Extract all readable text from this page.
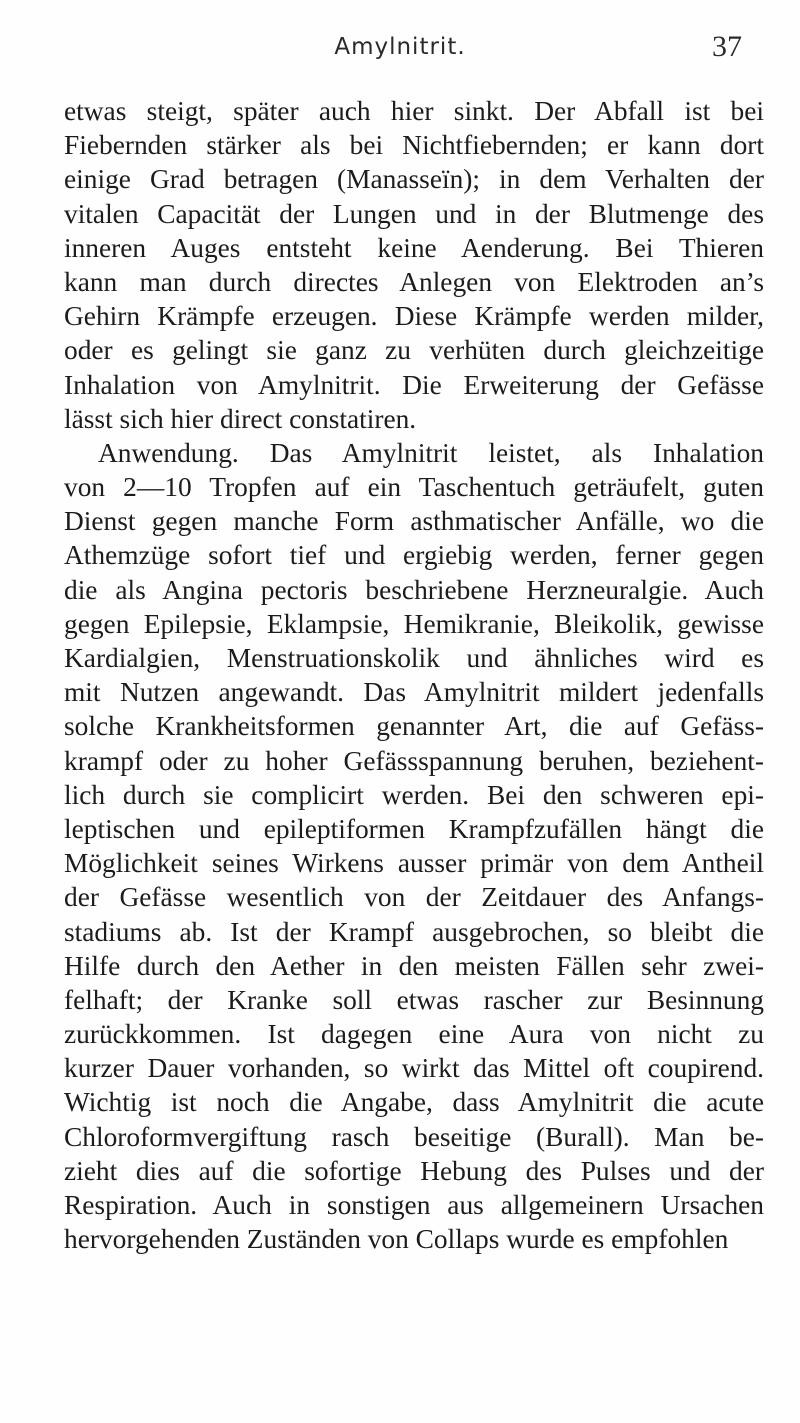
Amylnitrit.	37
etwas steigt, später auch hier sinkt. Der Abfall ist bei
Fiebernden stärker als bei Nichtfiebernden; er kann dort
einige Grad betragen (Manasseïn); in dem Verhalten der
vitalen Capacität der Lungen und in der Blutmenge des
inneren Auges entsteht keine Aenderung. Bei Thieren
kann man durch directes Anlegen von Elektroden an’s
Gehirn Krämpfe erzeugen. Diese Krämpfe werden milder,
oder es gelingt sie ganz zu verhüten durch gleichzeitige
Inhalation von Amylnitrit. Die Erweiterung der Gefässe
lässt sich hier direct constatiren.
Anwendung. Das Amylnitrit leistet, als Inhalation
von 2—10 Tropfen auf ein Taschentuch geträufelt, guten
Dienst gegen manche Form asthmatischer Anfälle, wo die
Athemzüge sofort tief und ergiebig werden, ferner gegen
die als Angina pectoris beschriebene Herzneuralgie. Auch
gegen Epilepsie, Eklampsie, Hemikranie, Bleikolik, gewisse
Kardialgien, Menstruationskolik und ähnliches wird es
mit Nutzen angewandt. Das Amylnitrit mildert jedenfalls
solche Krankheitsformen genannter Art, die auf Gefäss-
krampf oder zu hoher Gefässspannung beruhen, beziehent-
lich durch sie complicirt werden. Bei den schweren epi-
leptischen und epileptiformen Krampfzufällen hängt die
Möglichkeit seines Wirkens ausser primär von dem Antheil
der Gefässe wesentlich von der Zeitdauer des Anfangs-
stadiums ab. Ist der Krampf ausgebrochen, so bleibt die
Hilfe durch den Aether in den meisten Fällen sehr zwei-
felhaft; der Kranke soll etwas rascher zur Besinnung
zurückkommen. Ist dagegen eine Aura von nicht zu
kurzer Dauer vorhanden, so wirkt das Mittel oft coupirend.
Wichtig ist noch die Angabe, dass Amylnitrit die acute
Chloroformvergiftung rasch beseitige (Burall). Man be-
zieht dies auf die sofortige Hebung des Pulses und der
Respiration. Auch in sonstigen aus allgemeinern Ursachen
hervorgehenden Zuständen von Collaps wurde es empfohlen
